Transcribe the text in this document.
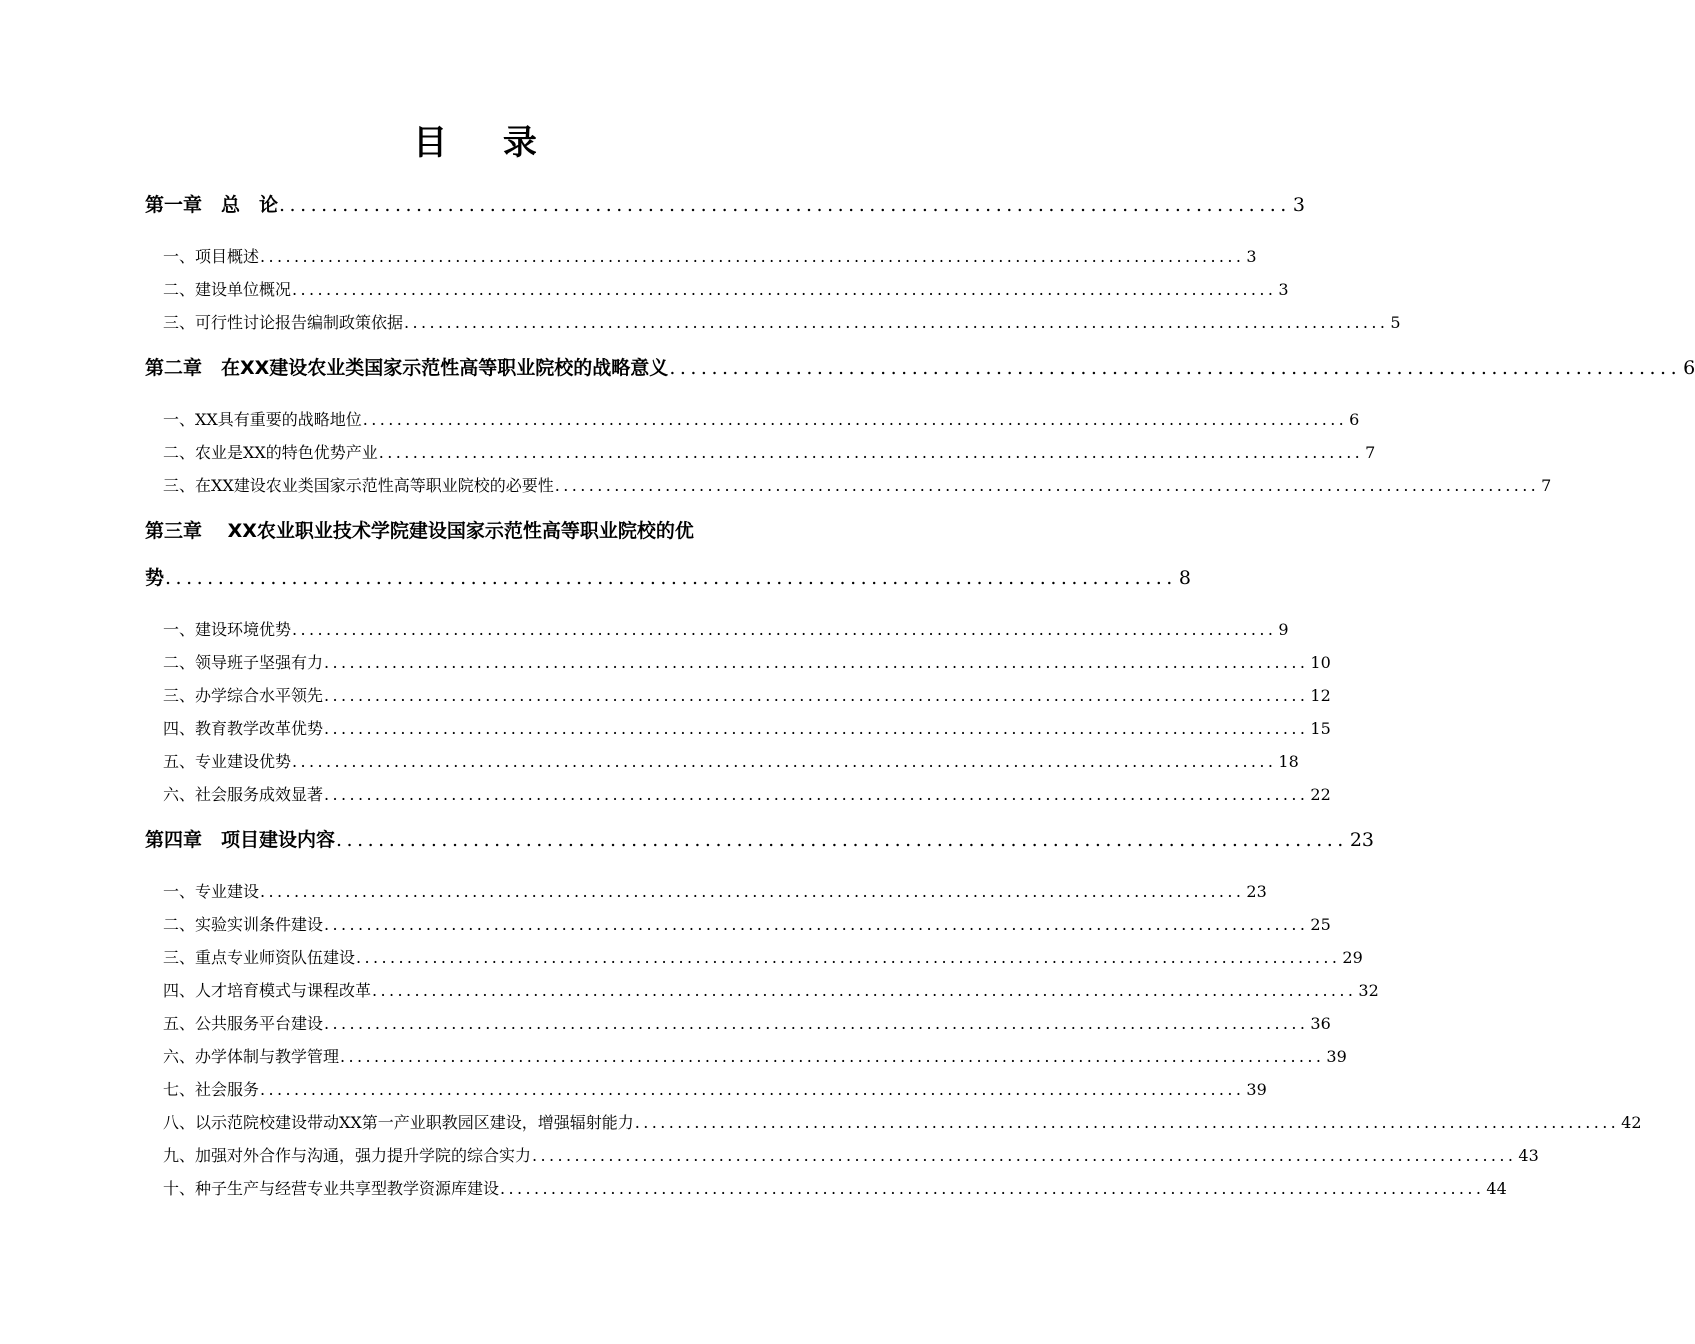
目 录
第一章　总　论 ................................................................................................ 3
一、项目概述 .................................................................................................................... 3
二、建设单位概况 .................................................................................................................... 3
三、可行性讨论报告编制政策依据 .................................................................................................................... 5
第二章　在XX建设农业类国家示范性高等职业院校的战略意义 ................................................................................................ 6
一、XX具有重要的战略地位 .................................................................................................................... 6
二、农业是XX的特色优势产业 .................................................................................................................... 7
三、在XX建设农业类国家示范性高等职业院校的必要性 .................................................................................................................... 7
第三章　 XX农业职业技术学院建设国家示范性高等职业院校的优
势 ................................................................................................ 8
一、建设环境优势 .................................................................................................................... 9
二、领导班子坚强有力 .................................................................................................................... 10
三、办学综合水平领先 .................................................................................................................... 12
四、教育教学改革优势 .................................................................................................................... 15
五、专业建设优势 .................................................................................................................... 18
六、社会服务成效显著 .................................................................................................................... 22
第四章　项目建设内容 ................................................................................................ 23
一、专业建设 .................................................................................................................... 23
二、实验实训条件建设 .................................................................................................................... 25
三、重点专业师资队伍建设 .................................................................................................................... 29
四、人才培育模式与课程改革 .................................................................................................................... 32
五、公共服务平台建设 .................................................................................................................... 36
六、办学体制与教学管理 .................................................................................................................... 39
七、社会服务 .................................................................................................................... 39
八、以示范院校建设带动XX第一产业职教园区建设，增强辐射能力 .................................................................................................................... 42
九、加强对外合作与沟通，强力提升学院的综合实力 .................................................................................................................... 43
十、种子生产与经营专业共享型教学资源库建设 .................................................................................................................... 44
